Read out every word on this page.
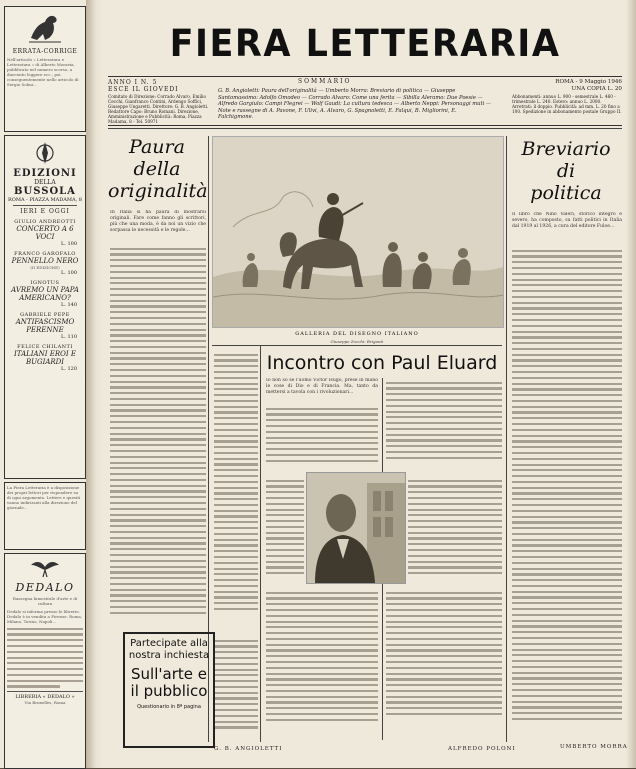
ERRATA-CORRIGE
Nell'articolo « Letteratura e Letteratura » di Alberto Moravia, pubblicato nel numero scorso, a duecento leggere ecc., poi conseguentemente nello articolo di Sergio Solmi...
EDIZIONI
DELLA
BUSSOLA
ROMA - PIAZZA MADAMA, 8
IERI E OGGI
GIULIO ANDREOTTI
CONCERTO A 6 VOCI
L. 100
FRANCO GAROFALO
PENNELLO NERO
(II EDIZIONE)
L. 100
IGNOTUS
AVREMO UN PAPA AMERICANO?
L. 140
GABRIELE PEPE
ANTIFASCISMO PERENNE
L. 110
FELICE CHILANTI
ITALIANI EROI E BUGIARDI
L. 120
La Fiera Letteraria è a disposizione dei propri lettori per rispondere su di ogni argomento. Lettere e quesiti vanno indirizzati alla direzione del giornale...
DEDALO
Rassegna bimestrale d'arte e di cultura
Dedalo si informa presso le librerie. Dedalo è in vendita a Firenze, Roma, Milano, Torino, Napoli...
LIBRERIA « DEDALO »
Via Bruxelles, Roma
FIERA LETTERARIA
ANNO I N. 5
ESCE IL GIOVEDI
Comitato di Direzione: Corrado Alvaro, Emilio Cecchi, Gianfranco Contini, Ardengo Soffici, Giuseppe Ungaretti. Direttore: G. B. Angioletti. Redattore Capo: Bruno Romani. Direzione, Amministrazione e Pubblicità: Roma, Piazza Madama, 8 - Tel. 50971
SOMMARIO
G. B. Angioletti: Paura dell'originalità — Umberto Morra: Breviario di politica — Giuseppe Santomassimo: Adolfo Omodeo — Corrado Alvaro: Come una ferita — Sibilla Aleramo: Due Poesie — Alfredo Gargiulo: Campi Flegrei — Wolf Gaudi: La cultura tedesca — Alberto Neppi: Personaggi muti — Note e rassegne di A. Pavone, F. Ulivi, A. Alvaro, G. Spagnoletti, E. Falqui, B. Migliorini, E. Falchigmone.
ROMA - 9 Maggio 1946
UNA COPIA L. 20
Abbonamenti: annuo L. 900 - semestrale L. 460 - trimestrale L. 240. Estero: annuo L. 2000. Arretrati: il doppio. Pubblicità: ad mm. L. 20 fino a 100. Spedizione in abbonamento postale Gruppo II.
Paura
della
originalità
In Italia si ha paura di mostrarsi originali. Fare come fanno gli scrittori, più che una moda, è da noi un vizio che sorpassa le necessità e le regole...
G. B. ANGIOLETTI
GALLERIA DEL DISEGNO ITALIANO
Giuseppe Zocchi: Briganti
Breviario
di
politica
Il libro che Nino Valeri, storico integro e severo, ha composto, su fatti politici in Italia dal 1919 al 1926, a cura del editore Fuloe...
UMBERTO MORRA
Incontro con Paul Eluard
Io non so se l'uomo Victor Hugo, prese in mano le cose di Dio e di Francia. Ma, tanto da mettersi a tavola con i rivoluzionari...
ALFREDO POLONI
Partecipate alla nostra inchiesta
Sull'arte e il pubblico
Questionario in 8ª pagina
